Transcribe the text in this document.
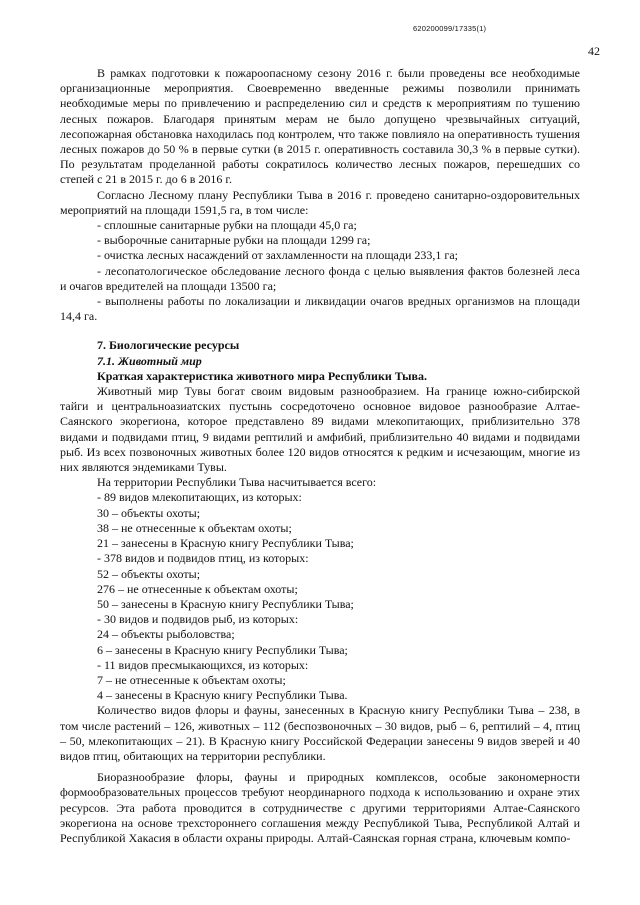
620200099/17335(1)
42

В рамках подготовки к пожароопасному сезону 2016 г. были проведены все необходимые организационные мероприятия. Своевременно введенные режимы позволили принимать необходимые меры по привлечению и распределению сил и средств к мероприятиям по тушению лесных пожаров. Благодаря принятым мерам не было допущено чрезвычайных ситуаций, лесопожарная обстановка находилась под контролем, что также повлияло на оперативность тушения лесных пожаров до 50 % в первые сутки (в 2015 г. оперативность составила 30,3 % в первые сутки). По результатам проделанной работы сократилось количество лесных пожаров, перешедших со степей с 21 в 2015 г. до 6 в 2016 г.

Согласно Лесному плану Республики Тыва в 2016 г. проведено санитарно-оздоровительных мероприятий на площади 1591,5 га, в том числе:

- сплошные санитарные рубки на площади 45,0 га;

- выборочные санитарные рубки на площади 1299 га;

- очистка лесных насаждений от захламленности на площади 233,1 га;

- лесопатологическое обследование лесного фонда с целью выявления фактов болезней леса и очагов вредителей на площади 13500 га;

- выполнены работы по локализации и ликвидации очагов вредных организмов на площади 14,4 га.

7. Биологические ресурсы

7.1. Животный мир

Краткая характеристика животного мира Республики Тыва.

Животный мир Тувы богат своим видовым разнообразием. На границе южно-сибирской тайги и центральноазиатских пустынь сосредоточено основное видовое разнообразие Алтае-Саянского экорегиона, которое представлено 89 видами млекопитающих, приблизительно 378 видами и подвидами птиц, 9 видами рептилий и амфибий, приблизительно 40 видами и подвидами рыб. Из всех позвоночных животных более 120 видов относятся к редким и исчезающим, многие из них являются эндемиками Тувы.

На территории Республики Тыва насчитывается всего:

- 89 видов млекопитающих, из которых:

30 – объекты охоты;

38 – не отнесенные к объектам охоты;

21 – занесены в Красную книгу Республики Тыва;

- 378 видов и подвидов птиц, из которых:

52 – объекты охоты;

276 – не отнесенные к объектам охоты;

50 – занесены в Красную книгу Республики Тыва;

- 30 видов и подвидов рыб, из которых:

24 – объекты рыболовства;

6 – занесены в Красную книгу Республики Тыва;

- 11 видов пресмыкающихся, из которых:

7 – не отнесенные к объектам охоты;

4 – занесены в Красную книгу Республики Тыва.

Количество видов флоры и фауны, занесенных в Красную книгу Республики Тыва – 238, в том числе растений – 126, животных – 112 (беспозвоночных – 30 видов, рыб – 6, рептилий – 4, птиц – 50, млекопитающих – 21). В Красную книгу Российской Федерации занесены 9 видов зверей и 40 видов птиц, обитающих на территории республики.

Биоразнообразие флоры, фауны и природных комплексов, особые закономерности формообразовательных процессов требуют неординарного подхода к использованию и охране этих ресурсов. Эта работа проводится в сотрудничестве с другими территориями Алтае-Саянского экорегиона на основе трехстороннего соглашения между Республикой Тыва, Республикой Алтай и Республикой Хакасия в области охраны природы. Алтай-Саянская горная страна, ключевым компо-
